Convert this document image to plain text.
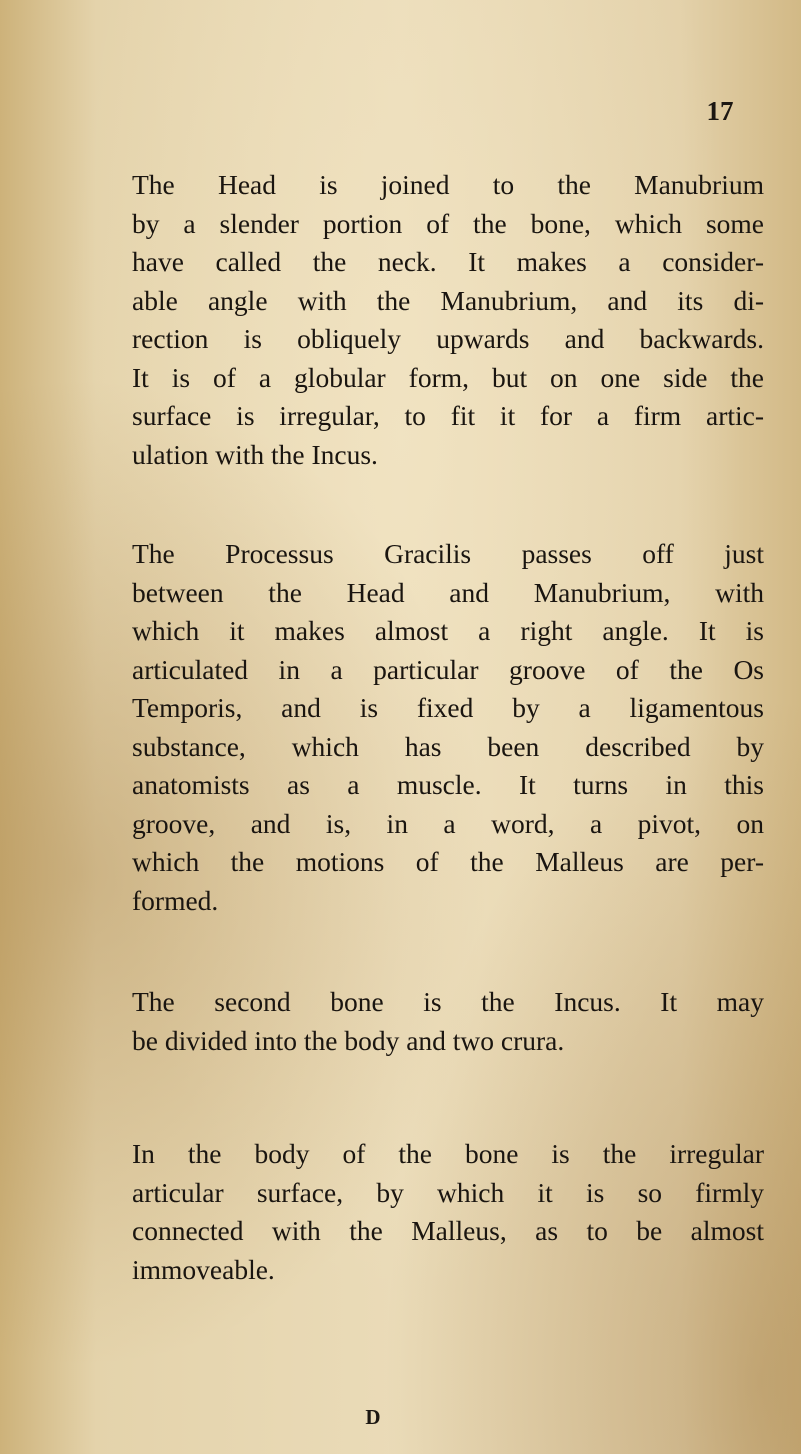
17
The Head is joined to the Manubrium
by a slender portion of the bone, which some
have called the neck. It makes a consider-
able angle with the Manubrium, and its di-
rection is obliquely upwards and backwards.
It is of a globular form, but on one side the
surface is irregular, to fit it for a firm artic-
ulation with the Incus.
The Processus Gracilis passes off just
between the Head and Manubrium, with
which it makes almost a right angle. It is
articulated in a particular groove of the Os
Temporis, and is fixed by a ligamentous
substance, which has been described by
anatomists as a muscle. It turns in this
groove, and is, in a word, a pivot, on
which the motions of the Malleus are per-
formed.
The second bone is the Incus. It may
be divided into the body and two crura.
In the body of the bone is the irregular
articular surface, by which it is so firmly
connected with the Malleus, as to be almost
immoveable.
D
